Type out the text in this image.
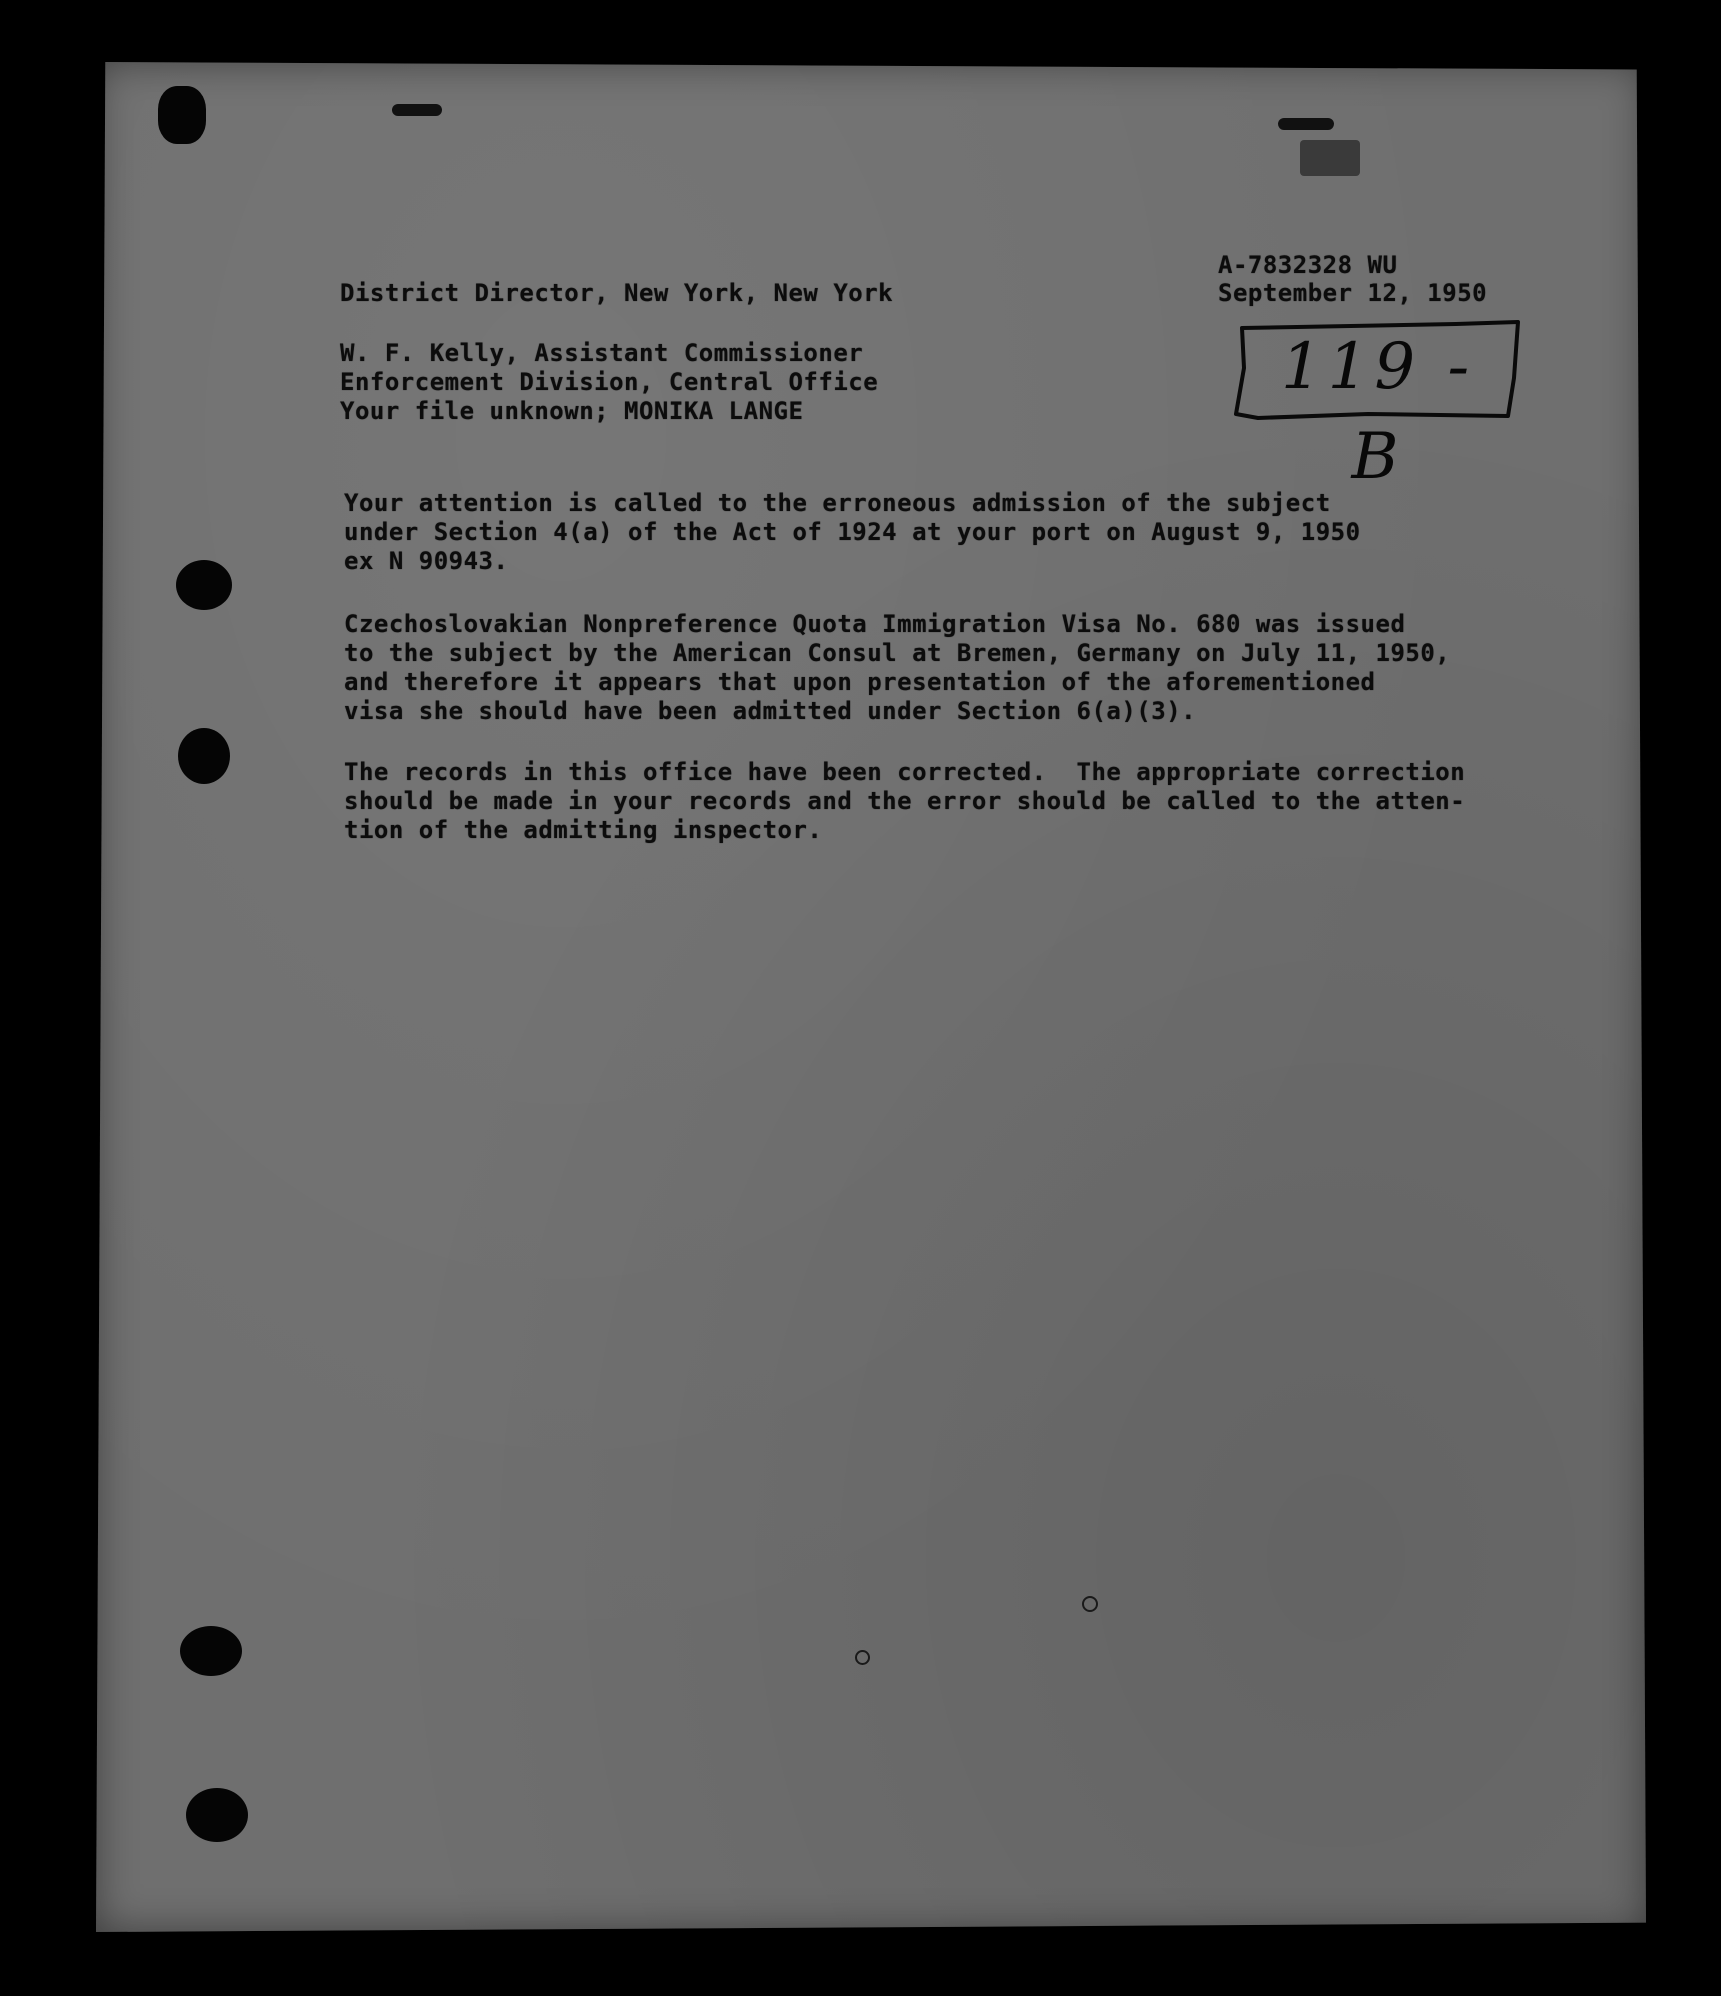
District Director, New York, New York
A-7832328 WU
September 12, 1950
W. F. Kelly, Assistant Commissioner
Enforcement Division, Central Office
Your file unknown; MONIKA LANGE
119 - B
Your attention is called to the erroneous admission of the subject
under Section 4(a) of the Act of 1924 at your port on August 9, 1950
ex N 90943.
Czechoslovakian Nonpreference Quota Immigration Visa No. 680 was issued
to the subject by the American Consul at Bremen, Germany on July 11, 1950,
and therefore it appears that upon presentation of the aforementioned
visa she should have been admitted under Section 6(a)(3).
The records in this office have been corrected.  The appropriate correction
should be made in your records and the error should be called to the atten-
tion of the admitting inspector.
